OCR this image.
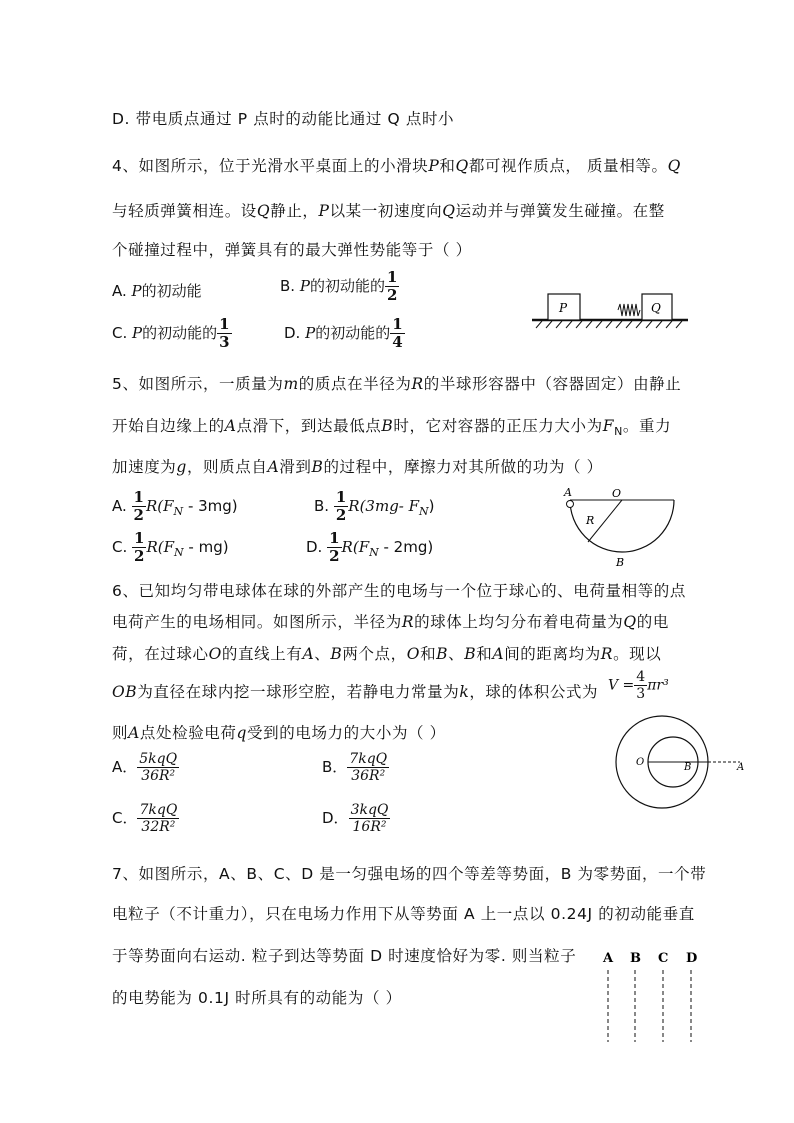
D. 带电质点通过 P 点时的动能比通过 Q 点时小
4、如图所示，位于光滑水平桌面上的小滑块P和Q都可视作质点， 质量相等。Q
与轻质弹簧相连。设Q静止，P以某一初速度向Q运动并与弹簧发生碰撞。在整
个碰撞过程中，弹簧具有的最大弹性势能等于（ ）
A. P的初动能	B. P的初动能的 $\frac{1}{2}$
C. P的初动能的 $\frac{1}{3}$	D. P的初动能的 $\frac{1}{4}$
P	Q
5、如图所示，一质量为m的质点在半径为R的半球形容器中（容器固定）由静止
开始自边缘上的A点滑下，到达最低点B时，它对容器的正压力大小为$F_N$。重力
加速度为g，则质点自A滑到B的过程中，摩擦力对其所做的功为（ ）
A. $\frac{1}{2} R(F_N - 3mg)$	B. $\frac{1}{2} R(3mg-$ $F_N$)
C. $\frac{1}{2} R(F_N - mg)$	D. $\frac{1}{2} R(F_N - 2mg)$
A	O
R
B
6、已知均匀带电球体在球的外部产生的电场与一个位于球心的、电荷量相等的点
电荷产生的电场相同。如图所示，半径为R的球体上均匀分布着电荷量为Q的电
荷，在过球心O的直线上有A、B两个点，O和B、B和A间的距离均为R。现以
OB为直径在球内挖一球形空腔，若静电力常量为k，球的体积公式为 $V = \frac{4}{3} \pi r^3$
则A点处检验电荷q受到的电场力的大小为（ ）
A． $\frac{\text{5kqQ}}{\text{36R²}}$	B． $\frac{\text{7kqQ}}{\text{36R²}}$
C． $\frac{\text{7kqQ}}{\text{32R²}}$	D． $\frac{\text{3kqQ}}{\text{16R²}}$
O	B	A
7、如图所示，A、B、C、D 是一匀强电场的四个等差等势面，B 为零势面，一个带
电粒子（不计重力），只在电场力作用下从等势面 A 上一点以 0.24J 的初动能垂直
于等势面向右运动. 粒子到达等势面 D 时速度恰好为零. 则当粒子
的电势能为 0.1J 时所具有的动能为（ ）
A B C D
